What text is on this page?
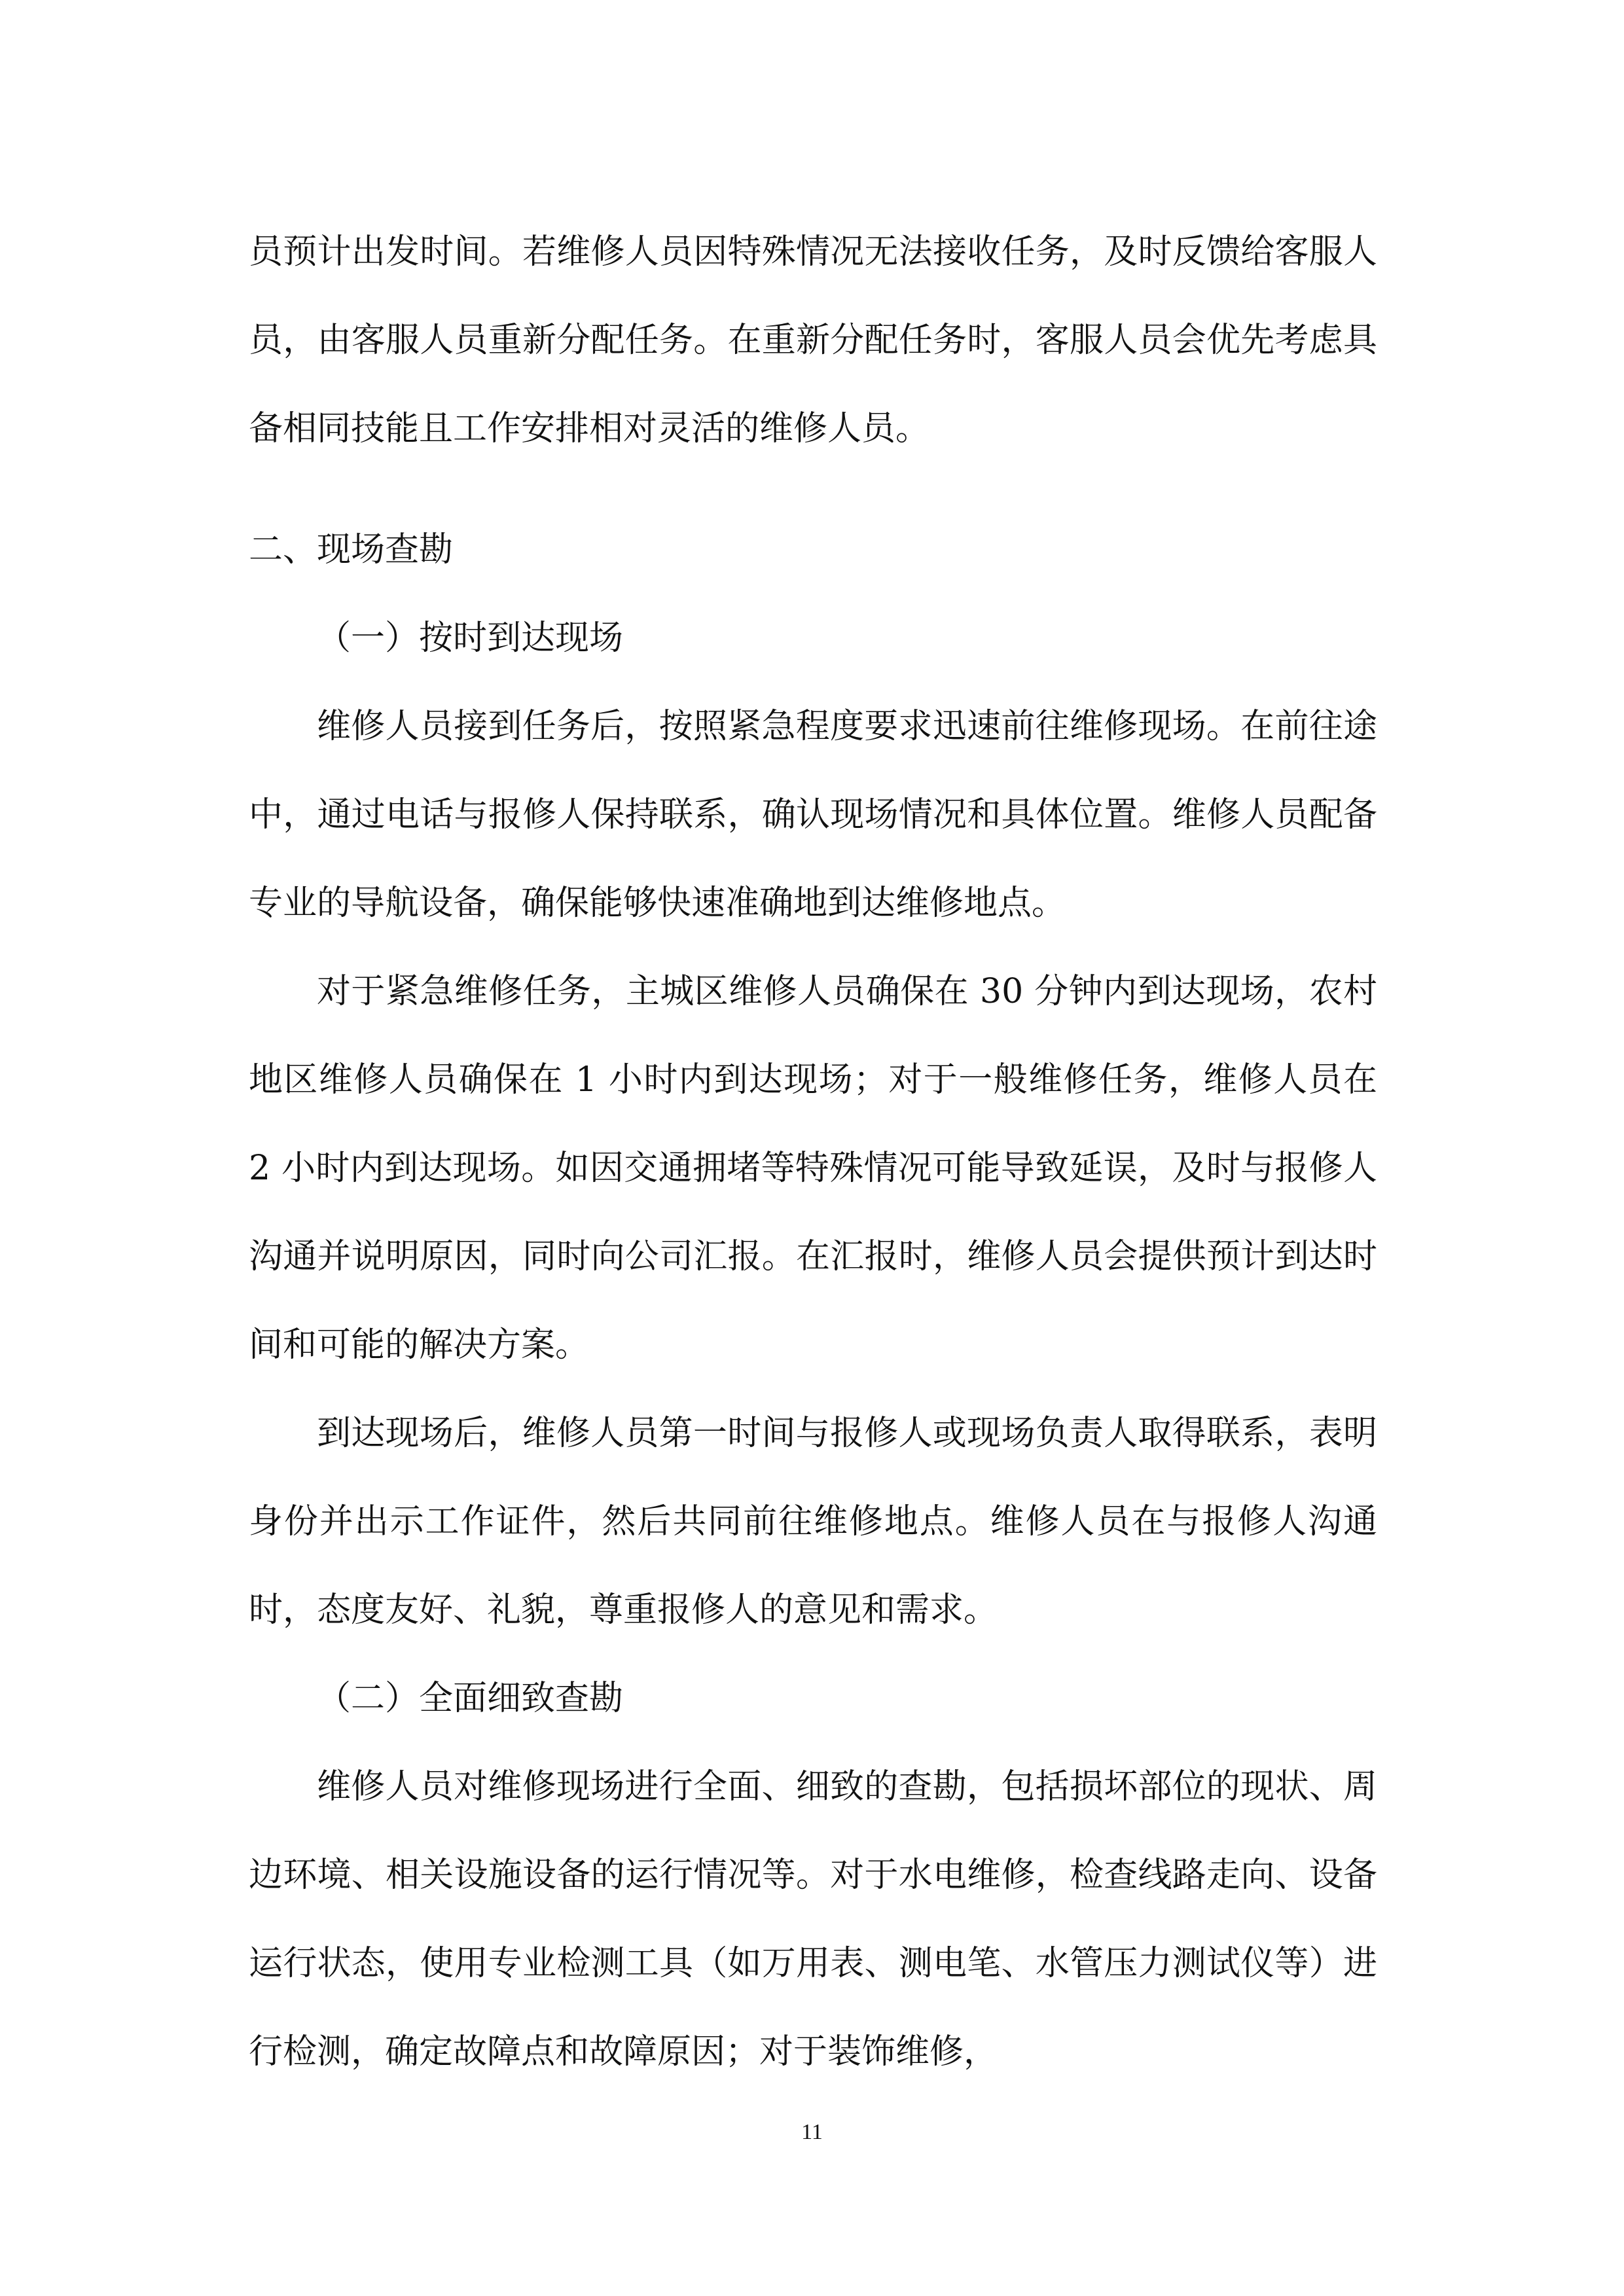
员预计出发时间。若维修人员因特殊情况无法接收任务，及时反馈给客服人员，由客服人员重新分配任务。在重新分配任务时，客服人员会优先考虑具备相同技能且工作安排相对灵活的维修人员。

二、现场查勘

（一）按时到达现场

维修人员接到任务后，按照紧急程度要求迅速前往维修现场。在前往途中，通过电话与报修人保持联系，确认现场情况和具体位置。维修人员配备专业的导航设备，确保能够快速准确地到达维修地点。

对于紧急维修任务，主城区维修人员确保在 30 分钟内到达现场，农村地区维修人员确保在 1 小时内到达现场；对于一般维修任务，维修人员在 2 小时内到达现场。如因交通拥堵等特殊情况可能导致延误，及时与报修人沟通并说明原因，同时向公司汇报。在汇报时，维修人员会提供预计到达时间和可能的解决方案。

到达现场后，维修人员第一时间与报修人或现场负责人取得联系，表明身份并出示工作证件，然后共同前往维修地点。维修人员在与报修人沟通时，态度友好、礼貌，尊重报修人的意见和需求。

（二）全面细致查勘

维修人员对维修现场进行全面、细致的查勘，包括损坏部位的现状、周边环境、相关设施设备的运行情况等。对于水电维修，检查线路走向、设备运行状态，使用专业检测工具（如万用表、测电笔、水管压力测试仪等）进行检测，确定故障点和故障原因；对于装饰维修，

11
